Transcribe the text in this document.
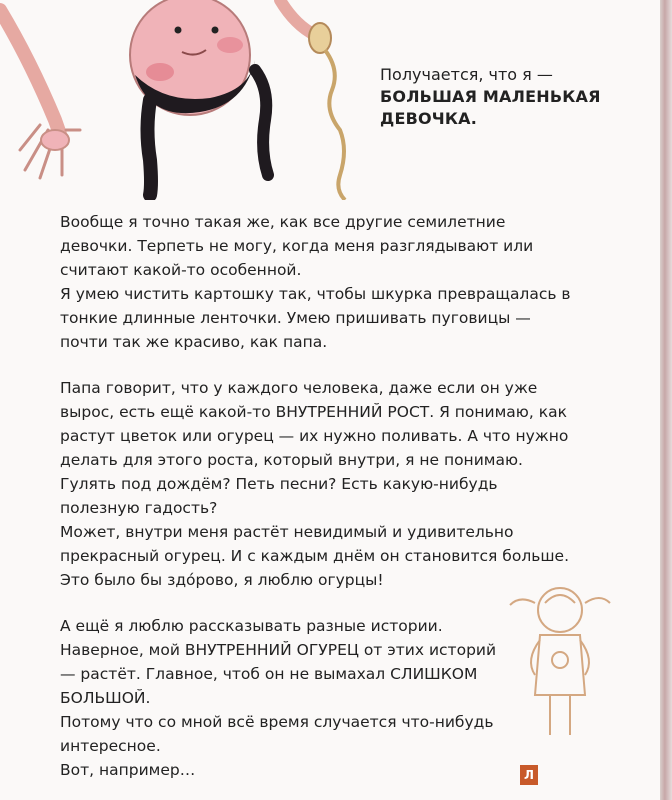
Получается, что я —
БОЛЬШАЯ МАЛЕНЬКАЯ
ДЕВОЧКА.

Вообще я точно такая же, как все другие семилетние девочки. Терпеть не могу, когда меня разглядывают или считают какой-то особенной.

Я умею чистить картошку так, чтобы шкурка превращалась в тонкие длинные ленточки. Умею пришивать пуговицы — почти так же красиво, как папа.

Папа говорит, что у каждого человека, даже если он уже вырос, есть ещё какой-то ВНУТРЕННИЙ РОСТ. Я понимаю, как растут цветок или огурец — их нужно поливать. А что нужно делать для этого роста, который внутри, я не понимаю. Гулять под дождём? Петь песни? Есть какую-нибудь полезную гадость?

Может, внутри меня растёт невидимый и удивительно прекрасный огурец. И с каждым днём он становится больше. Это было бы здо́рово, я люблю огурцы!

А ещё я люблю рассказывать разные истории.

Наверное, мой ВНУТРЕННИЙ ОГУРЕЦ от этих историй — растёт. Главное, чтоб он не вымахал СЛИШКОМ БОЛЬШОЙ.

Потому что со мной всё время случается что-нибудь интересное.

Вот, например…	Л
